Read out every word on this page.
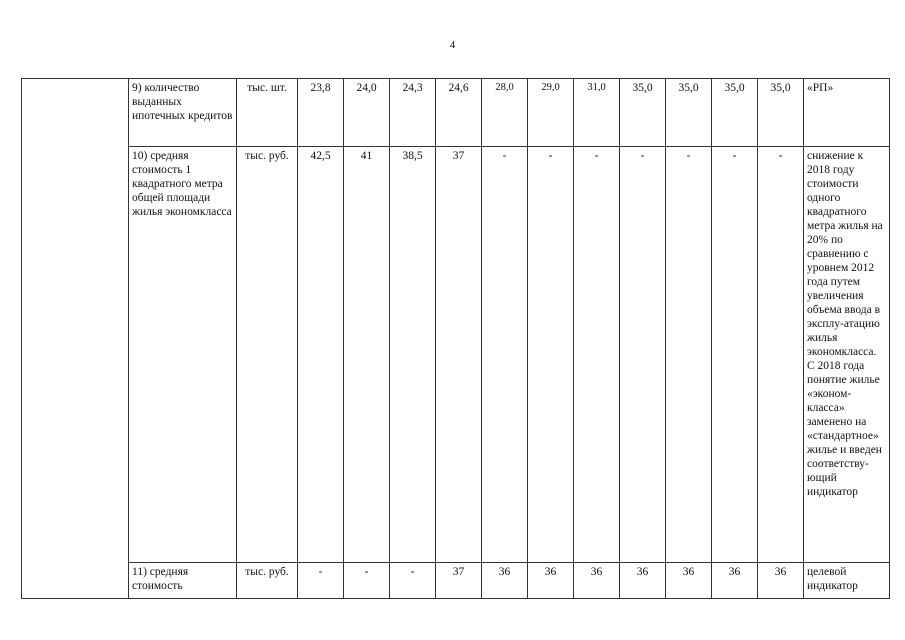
4
	9) количество выданных ипотечных кредитов	тыс. шт.	23,8	24,0	24,3	24,6	28,0	29,0	31,0	35,0	35,0	35,0	35,0	«РП»
	10) средняя стоимость 1 квадратного метра общей площади жилья экономкласса	тыс. руб.	42,5	41	38,5	37	-	-	-	-	-	-	-	снижение к 2018 году стоимости одного квадратного метра жилья на 20% по сравнению с уровнем 2012 года путем увеличения объема ввода в эксплу-атацию жилья экономкласса. С 2018 года понятие жилье «эконом-класса» заменено на «стандартное» жилье и введен соответству-ющий индикатор
	11) средняя стоимость	тыс. руб.	-	-	-	37	36	36	36	36	36	36	36	целевой индикатор
